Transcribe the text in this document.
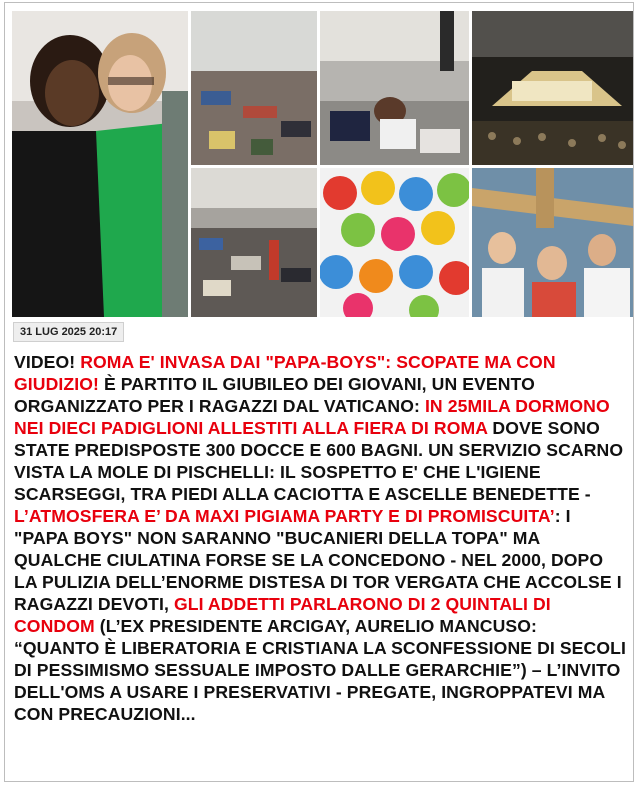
31 LUG 2025 20:17
VIDEO! ROMA E' INVASA DAI "PAPA-BOYS": SCOPATE MA CON GIUDIZIO! È PARTITO IL GIUBILEO DEI GIOVANI, UN EVENTO ORGANIZZATO PER I RAGAZZI DAL VATICANO: IN 25MILA DORMONO NEI DIECI PADIGLIONI ALLESTITI ALLA FIERA DI ROMA DOVE SONO STATE PREDISPOSTE 300 DOCCE E 600 BAGNI. UN SERVIZIO SCARNO VISTA LA MOLE DI PISCHELLI: IL SOSPETTO E' CHE L'IGIENE SCARSEGGI, TRA PIEDI ALLA CACIOTTA E ASCELLE BENEDETTE - L’ATMOSFERA E’ DA MAXI PIGIAMA PARTY E DI PROMISCUITA’: I "PAPA BOYS" NON SARANNO "BUCANIERI DELLA TOPA" MA QUALCHE CIULATINA FORSE SE LA CONCEDONO - NEL 2000, DOPO LA PULIZIA DELL’ENORME DISTESA DI TOR VERGATA CHE ACCOLSE I RAGAZZI DEVOTI, GLI ADDETTI PARLARONO DI 2 QUINTALI DI CONDOM (L’EX PRESIDENTE ARCIGAY, AURELIO MANCUSO: “QUANTO È LIBERATORIA E CRISTIANA LA SCONFESSIONE DI SECOLI DI PESSIMISMO SESSUALE IMPOSTO DALLE GERARCHIE”) – L’INVITO DELL'OMS A USARE I PRESERVATIVI - PREGATE, INGROPPATEVI MA CON PRECAUZIONI...
